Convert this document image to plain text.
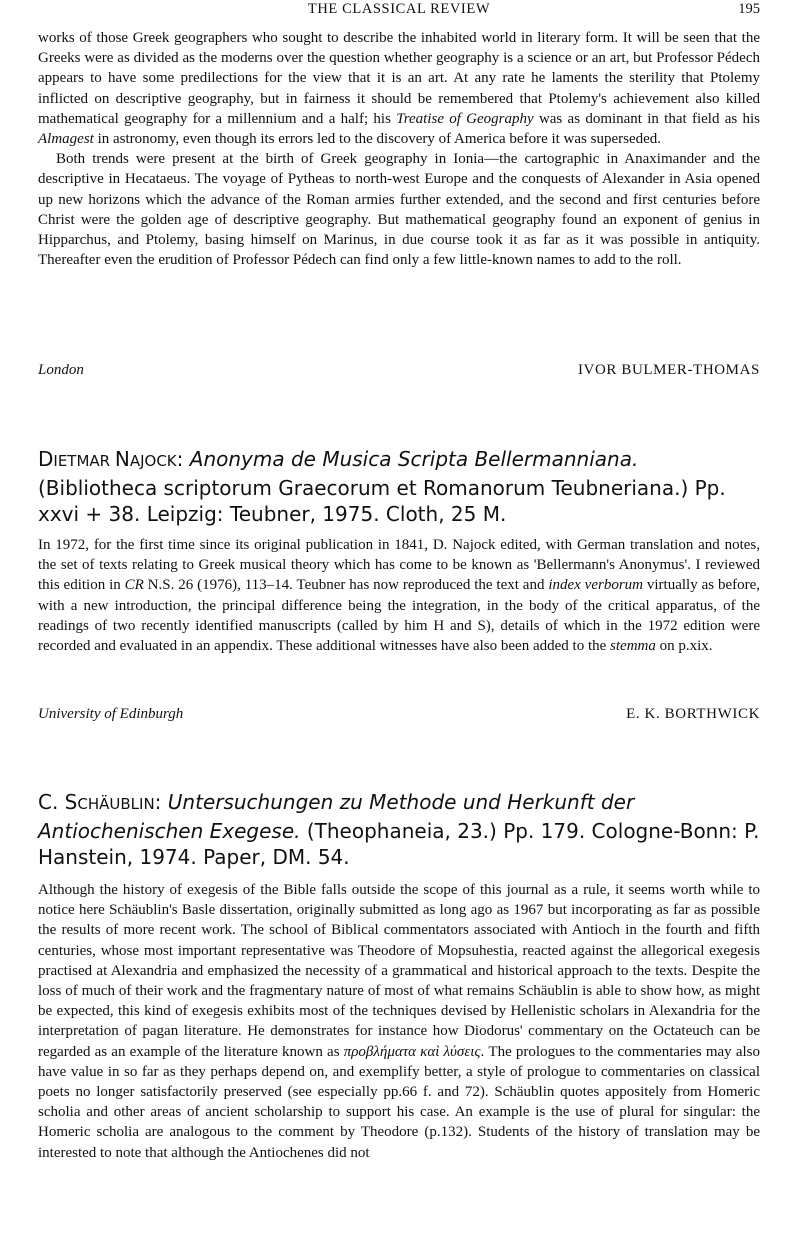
THE CLASSICAL REVIEW	195

works of those Greek geographers who sought to describe the inhabited world in literary form. It will be seen that the Greeks were as divided as the moderns over the question whether geography is a science or an art, but Professor Pédech appears to have some predilections for the view that it is an art. At any rate he laments the sterility that Ptolemy inflicted on descriptive geography, but in fairness it should be remembered that Ptolemy's achievement also killed mathematical geography for a millennium and a half; his Treatise of Geography was as dominant in that field as his Almagest in astronomy, even though its errors led to the discovery of America before it was superseded.

Both trends were present at the birth of Greek geography in Ionia—the cartographic in Anaximander and the descriptive in Hecataeus. The voyage of Pytheas to north-west Europe and the conquests of Alexander in Asia opened up new horizons which the advance of the Roman armies further extended, and the second and first centuries before Christ were the golden age of descriptive geography. But mathematical geography found an exponent of genius in Hipparchus, and Ptolemy, basing himself on Marinus, in due course took it as far as it was possible in antiquity. Thereafter even the erudition of Professor Pédech can find only a few little-known names to add to the roll.

London	IVOR BULMER-THOMAS
DIETMAR NAJOCK: Anonyma de Musica Scripta Bellermanniana. (Bibliotheca scriptorum Graecorum et Romanorum Teubneriana.) Pp. xxvi + 38. Leipzig: Teubner, 1975. Cloth, 25 M.

In 1972, for the first time since its original publication in 1841, D. Najock edited, with German translation and notes, the set of texts relating to Greek musical theory which has come to be known as 'Bellermann's Anonymus'. I reviewed this edition in CR N.S. 26 (1976), 113–14. Teubner has now reproduced the text and index verborum virtually as before, with a new introduction, the principal difference being the integration, in the body of the critical apparatus, of the readings of two recently identified manuscripts (called by him H and S), details of which in the 1972 edition were recorded and evaluated in an appendix. These additional witnesses have also been added to the stemma on p.xix.

University of Edinburgh	E. K. BORTHWICK
C. SCHÄUBLIN: Untersuchungen zu Methode und Herkunft der Antiochenischen Exegese. (Theophaneia, 23.) Pp. 179. Cologne-Bonn: P. Hanstein, 1974. Paper, DM. 54.

Although the history of exegesis of the Bible falls outside the scope of this journal as a rule, it seems worth while to notice here Schäublin's Basle dissertation, originally submitted as long ago as 1967 but incorporating as far as possible the results of more recent work. The school of Biblical commentators associated with Antioch in the fourth and fifth centuries, whose most important representative was Theodore of Mopsuhestia, reacted against the allegorical exegesis practised at Alexandria and emphasized the necessity of a grammatical and historical approach to the texts. Despite the loss of much of their work and the fragmentary nature of most of what remains Schäublin is able to show how, as might be expected, this kind of exegesis exhibits most of the techniques devised by Hellenistic scholars in Alexandria for the interpretation of pagan literature. He demonstrates for instance how Diodorus' commentary on the Octateuch can be regarded as an example of the literature known as προβλήματα καὶ λύσεις. The prologues to the commentaries may also have value in so far as they perhaps depend on, and exemplify better, a style of prologue to commentaries on classical poets no longer satisfactorily preserved (see especially pp.66 f. and 72). Schäublin quotes appositely from Homeric scholia and other areas of ancient scholarship to support his case. An example is the use of plural for singular: the Homeric scholia are analogous to the comment by Theodore (p.132). Students of the history of translation may be interested to note that although the Antiochenes did not
